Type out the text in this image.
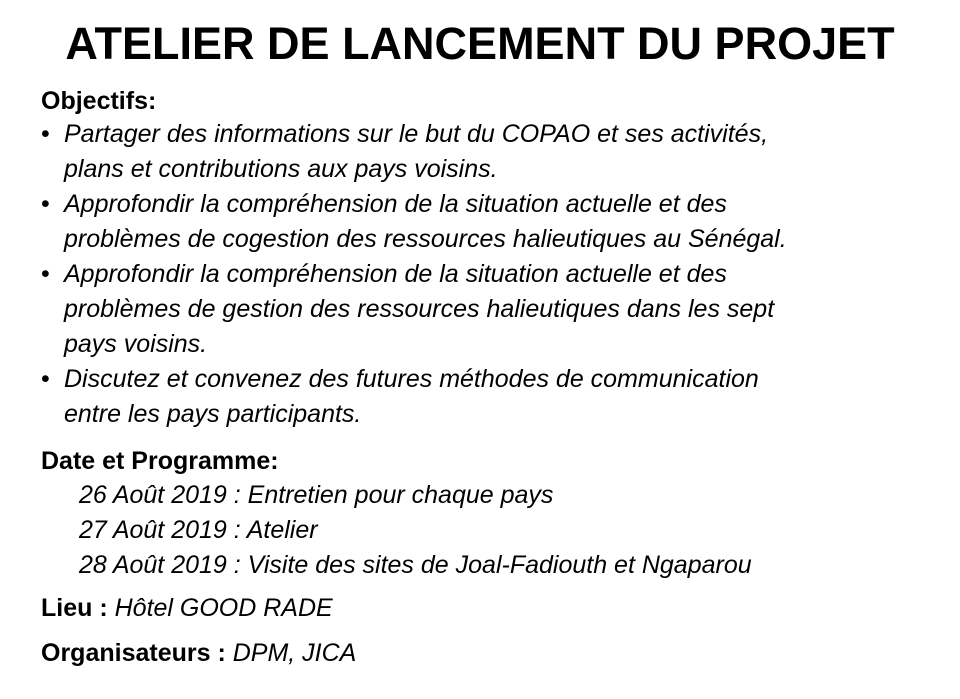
ATELIER DE LANCEMENT DU PROJET
Objectifs:
• Partager des informations sur le but du COPAO et ses activités,
plans et contributions aux pays voisins.
• Approfondir la compréhension de la situation actuelle et des
problèmes de cogestion des ressources halieutiques au Sénégal.
• Approfondir la compréhension de la situation actuelle et des
problèmes de gestion des ressources halieutiques dans les sept
pays voisins.
• Discutez et convenez des futures méthodes de communication
entre les pays participants.
Date et Programme:
26 Août 2019 : Entretien pour chaque pays
27 Août 2019 : Atelier
28 Août 2019 : Visite des sites de Joal-Fadiouth et Ngaparou
Lieu : Hôtel GOOD RADE
Organisateurs : DPM, JICA
